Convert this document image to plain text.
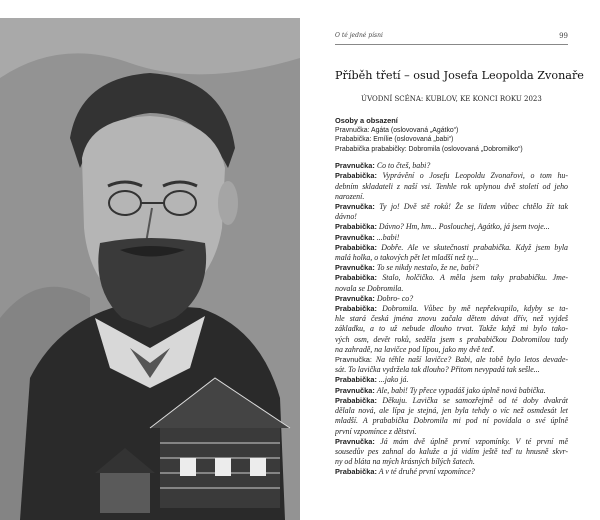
O té jedné písni	99
Příběh třetí – osud Josefa Leopolda Zvonaře
ÚVODNÍ SCÉNA: KUBLOV, KE KONCI ROKU 2023
Osoby a obsazení
Pravnučka: Agáta (oslovovaná „Agátko“)
Prababička: Emílie (oslovovaná „babi“)
Prababička prababičky: Dobromila (oslovovaná „Dobromilko“)
Pravnučka: Co to čteš, babi?
Prababička: Vyprávění o Josefu Leopoldu Zvonařovi, o tom hu-
debním skladateli z naší vsi. Tenhle rok uplynou dvě století od jeho
narození.
Pravnučka: Ty jo! Dvě stě roků! Že se lidem vůbec chtělo žít tak
dávno!
Prababička: Dávno? Hm, hm... Poslouchej, Agátko, já jsem tvoje...
Pravnučka: ...babi!
Prababička: Dobře. Ale ve skutečnosti prababička. Když jsem byla
malá holka, o takových pět let mladší než ty...
Pravnučka: To se nikdy nestalo, že ne, babi?
Prababička: Stalo, holčičko. A měla jsem taky prababičku. Jme-
novala se Dobromila.
Pravnučka: Dobro- co?
Prababička: Dobromila. Vůbec by mě nepřekvapilo, kdyby se ta-
hle stará česká jména znovu začala dětem dávat dřív, než vyjdeš
základku, a to už nebude dlouho trvat. Takže když mi bylo tako-
vých osm, devět roků, seděla jsem s prababičkou Dobromilou tady
na zahradě, na lavičce pod lípou, jako my dvě teď.
Pravnučka: Na téhle naší lavičce? Babi, ale tobě bylo letos devade-
sát. To lavička vydržela tak dlouho? Přitom nevypadá tak sešle...
Prababička: ...jako já.
Pravnučka: Ale, babi! Ty přece vypadáš jako úplně nová babička.
Prababička: Děkuju. Lavička se samozřejmě od té doby dvakrát
dělala nová, ale lípa je stejná, jen byla tehdy o víc než osmdesát let
mladší. A prababička Dobromila mi pod ní povídala o své úplně
první vzpomínce z dětství.
Pravnučka: Já mám dvě úplně první vzpomínky. V té první mě
sousedův pes zahnal do kaluže a já vidím ještě teď tu hnusně skvr-
ny od bláta na mých krásných bílých šatech.
Prababička: A v té druhé první vzpomínce?
